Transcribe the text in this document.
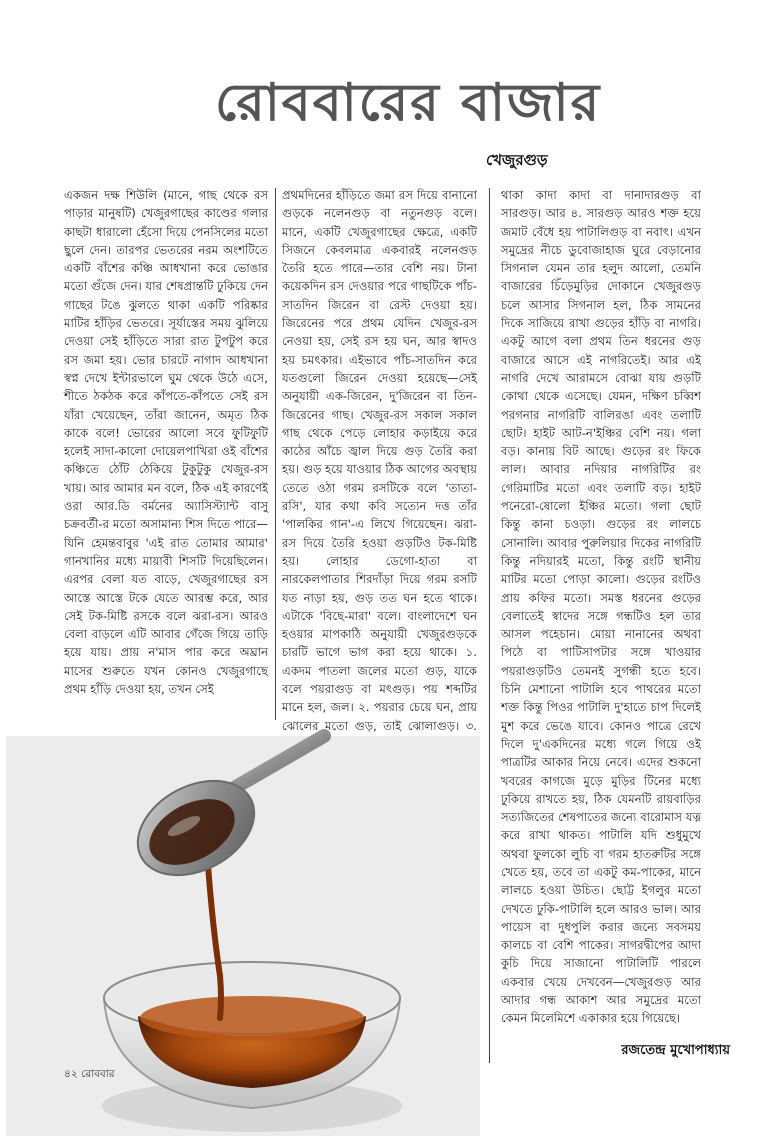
রোববারের বাজার
খেজুরগুড়
একজন দক্ষ শিউলি (মানে, গাছ থেকে রস পাড়ার মানুষটি) খেজুরগাছের কাণ্ডের গলার কাছটা ধারালো হেঁসো দিয়ে পেনসিলের মতো ছুলে দেন। তারপর ভেতরের নরম অংশটিতে একটি বাঁশের কঞ্চি আধখানা করে ভোঙার মতো গুঁজে দেন। যার শেষপ্রান্তটি ঢুকিয়ে দেন গাছের টঙে ঝুলতে থাকা একটি পরিষ্কার মাটির হাঁড়ির ভেতরে। সূর্যাস্তের সময় ঝুলিয়ে দেওয়া সেই হাঁড়িতে সারা রাত টুপটুপ করে রস জমা হয়। ভোর চারটে নাগাদ আধখানা স্বপ্ন দেখে ইন্টারভালে ঘুম থেকে উঠে এসে, শীতে ঠকঠক করে কাঁপতে-কাঁপতে সেই রস যাঁরা খেয়েছেন, তাঁরা জানেন, অমৃত ঠিক কাকে বলে! ভোরের আলো সবে ফুটিফুটি হলেই সাদা-কালো দোয়েলপাখিরা ওই বাঁশের কঞ্চিতে ঠোঁট ঠেকিয়ে টুকুটুকু খেজুর-রস খায়। আর আমার মন বলে, ঠিক এই কারণেই ওরা আর.ডি বর্মনের অ্যাসিস্ট্যান্ট বাসু চক্রবর্তী-র মতো অসামান্য শিস দিতে পারে—যিনি হেমন্তবাবুর 'এই রাত তোমার আমার' গানখানির মধ্যে মায়াবী শিসটি দিয়েছিলেন। এরপর বেলা যত বাড়ে, খেজুরগাছের রস আস্তে আস্তে টকে যেতে আরম্ভ করে, আর সেই টক-মিষ্টি রসকে বলে ঝরা-রস। আরও বেলা বাড়লে এটি আবার গেঁজে গিয়ে তাড়ি হয়ে যায়। প্রায় ন'মাস পার করে অঘ্রান মাসের শুরুতে যখন কোনও খেজুরগাছে প্রথম হাঁড়ি দেওয়া হয়, তখন সেই
প্রথমদিনের হাঁড়িতে জমা রস দিয়ে বানানো গুড়কে নলেনগুড় বা নতুনগুড় বলে। মানে, একটি খেজুরগাছের ক্ষেত্রে, একটি সিজনে কেবলমাত্র একবারই নলেনগুড় তৈরি হতে পারে—তার বেশি নয়। টানা কয়েকদিন রস দেওয়ার পরে গাছটিকে পাঁচ-সাতদিন জিরেন বা রেস্ট দেওয়া হয়। জিরেনের পরে প্রথম যেদিন খেজুর-রস নেওয়া হয়, সেই রস হয় ঘন, আর স্বাদও হয় চমৎকার। এইভাবে পাঁচ-সাতদিন করে যতগুলো জিরেন দেওয়া হয়েছে—সেই অনুযায়ী এক-জিরেন, দু'জিরেন বা তিন-জিরেনের গাছ। খেজুর-রস সকাল সকাল গাছ থেকে পেড়ে লোহার কড়াইয়ে করে কাঠের আঁচে জ্বাল দিয়ে গুড় তৈরি করা হয়। গুড় হয়ে যাওয়ার ঠিক আগের অবস্থায় তেতে ওঠা গরম রসটিকে বলে 'তাতা-রসি', যার কথা কবি সত্যেন দত্ত তাঁর 'পালকির গান'-এ লিখে গিয়েছেন। ঝরা-রস দিয়ে তৈরি হওয়া গুড়টিও টক-মিষ্টি হয়। লোহার ডেগো-হাতা বা নারকেলপাতার শিরদাঁড়া দিয়ে গরম রসটি যত নাড়া হয়, গুড় তত ঘন হতে থাকে। এটাকে 'বিছে-মারা' বলে। বাংলাদেশে ঘন হওয়ার মাপকাঠি অনুযায়ী খেজুরগুড়কে চারটি ভাগে ভাগ করা হয়ে থাকে। ১. একদম পাতলা জলের মতো গুড়, যাকে বলে পয়রাগুড় বা মৎগুড়। পয় শব্দটির মানে হল, জল। ২. পয়রার চেয়ে ঘন, প্রায় ঝোলের মতো গুড়, তাই ঝোলাগুড়। ৩.
থাকা কাদা কাদা বা দানাদারগুড় বা সারগুড়। আর ৪. সারগুড় আরও শক্ত হয়ে জমাট বেঁধে হয় পাটালিগুড় বা নবাৎ। এখন সমুদ্রের নীচে ডুবোজাহাজ ঘুরে বেড়ানোর সিগনাল যেমন তার হলুদ আলো, তেমনি বাজারের চিঁড়েমুড়ির দোকানে খেজুরগুড় চলে আসার সিগনাল হল, ঠিক সামনের দিকে সাজিয়ে রাখা গুড়ের হাঁড়ি বা নাগরি। একটু আগে বলা প্রথম তিন ধরনের গুড় বাজারে আসে এই নাগরিতেই। আর এই নাগরি দেখে আরামসে বোঝা যায় গুড়টি কোথা থেকে এসেছে। যেমন, দক্ষিণ চব্বিশ পরগনার নাগরিটি বালিরঙা এবং তলাটি ছোট। হাইট আট-ন'ইঞ্চির বেশি নয়। গলা বড়। কানায় বিট আছে। গুড়ের রং ফিকে লাল। আবার নদিয়ার নাগরিটির রং গেরিমাটির মতো এবং তলাটি বড়। হাইট পনেরো-ষোলো ইঞ্চির মতো। গলা ছোট কিন্তু কানা চওড়া। গুড়ের রং লালচে সোনালি। আবার পুরুলিয়ার দিকের নাগরিটি কিন্তু নদিয়ারই মতো, কিন্তু রংটি স্থানীয় মাটির মতো পোড়া কালো। গুড়ের রংটিও প্রায় কফির মতো। সমস্ত ধরনের গুড়ের বেলাতেই স্বাদের সঙ্গে গন্ধটিও হল তার আসল পহেচান। মোয়া নানানের অথবা পিঠে বা পাটিসাপটার সঙ্গে খাওয়ার পয়রাগুড়টিও তেমনই সুগন্ধী হতে হবে। চিনি মেশানো পাটালি হবে পাথরের মতো শক্ত কিন্তু পিওর পাটালি দু'হাতে চাপ দিলেই মুশ করে ভেঙে যাবে। কোনও পাত্রে রেখে দিলে দু'একদিনের মধ্যে গলে গিয়ে ওই পাত্রটির আকার নিয়ে নেবে। এদের শুকনো খবরের কাগজে মুড়ে মুড়ির টিনের মধ্যে ঢুকিয়ে রাখতে হয়, ঠিক যেমনটি রায়বাড়ির সত্যজিতের শেষপাতের জন্যে বারোমাস যত্ন করে রাখা থাকত। পাটালি যদি শুধুমুখে অথবা ফুলকো লুচি বা গরম হাতরুটির সঙ্গে খেতে হয়, তবে তা একটু কম-পাকের, মানে লালচে হওয়া উচিত। ছোট্ট ইগলুর মতো দেখতে ঢুকি-পাটালি হলে আরও ভাল। আর পায়েস বা দুধপুলি করার জন্যে সবসময় কালচে বা বেশি পাকের। সাগরদ্বীপের আদা কুচি দিয়ে সাজানো পাটালিটি পারলে একবার খেয়ে দেখবেন—খেজুরগুড় আর আদার গন্ধ আকাশ আর সমুদ্রের মতো কেমন মিলেমিশে একাকার হয়ে গিয়েছে।
রজতেন্দ্র মুখোপাধ্যায়
৪২ রোববার
